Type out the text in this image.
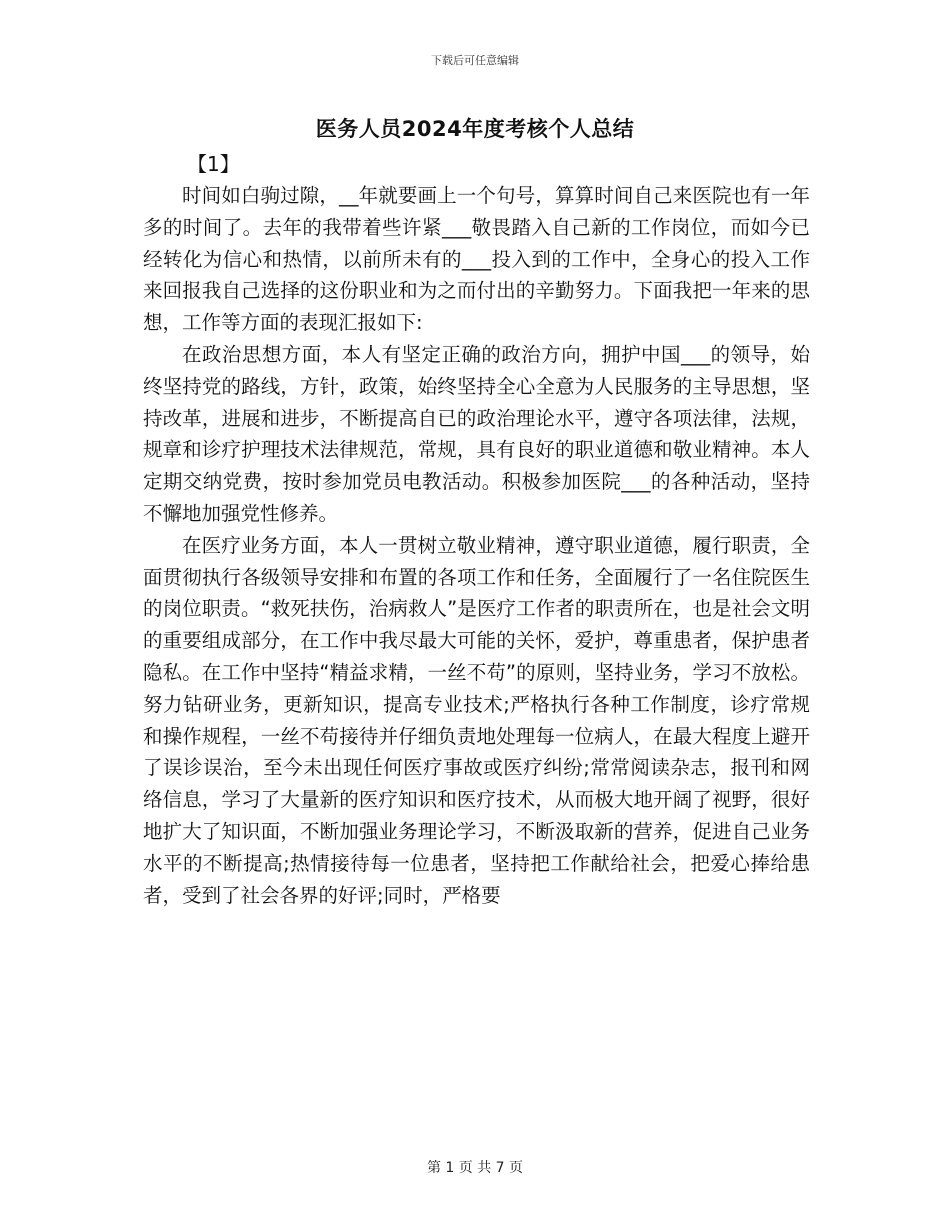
下载后可任意编辑
医务人员2024年度考核个人总结
【1】

时间如白驹过隙，__年就要画上一个句号，算算时间自己来医院也有一年多的时间了。去年的我带着些许紧___敬畏踏入自己新的工作岗位，而如今已经转化为信心和热情，以前所未有的___投入到的工作中，全身心的投入工作来回报我自己选择的这份职业和为之而付出的辛勤努力。下面我把一年来的思想，工作等方面的表现汇报如下:

在政治思想方面，本人有坚定正确的政治方向，拥护中国___的领导，始终坚持党的路线，方针，政策，始终坚持全心全意为人民服务的主导思想，坚持改革，进展和进步，不断提高自已的政治理论水平，遵守各项法律，法规，规章和诊疗护理技术法律规范，常规，具有良好的职业道德和敬业精神。本人定期交纳党费，按时参加党员电教活动。积极参加医院___的各种活动，坚持不懈地加强党性修养。

在医疗业务方面，本人一贯树立敬业精神，遵守职业道德，履行职责，全面贯彻执行各级领导安排和布置的各项工作和任务，全面履行了一名住院医生的岗位职责。“救死扶伤，治病救人”是医疗工作者的职责所在，也是社会文明的重要组成部分，在工作中我尽最大可能的关怀，爱护，尊重患者，保护患者隐私。在工作中坚持“精益求精，一丝不苟”的原则，坚持业务，学习不放松。努力钻研业务，更新知识，提高专业技术;严格执行各种工作制度，诊疗常规和操作规程，一丝不苟接待并仔细负责地处理每一位病人，在最大程度上避开了误诊误治，至今未出现任何医疗事故或医疗纠纷;常常阅读杂志，报刊和网络信息，学习了大量新的医疗知识和医疗技术，从而极大地开阔了视野，很好地扩大了知识面，不断加强业务理论学习，不断汲取新的营养，促进自己业务水平的不断提高;热情接待每一位患者，坚持把工作献给社会，把爱心捧给患者，受到了社会各界的好评;同时，严格要

第 1 页 共 7 页
